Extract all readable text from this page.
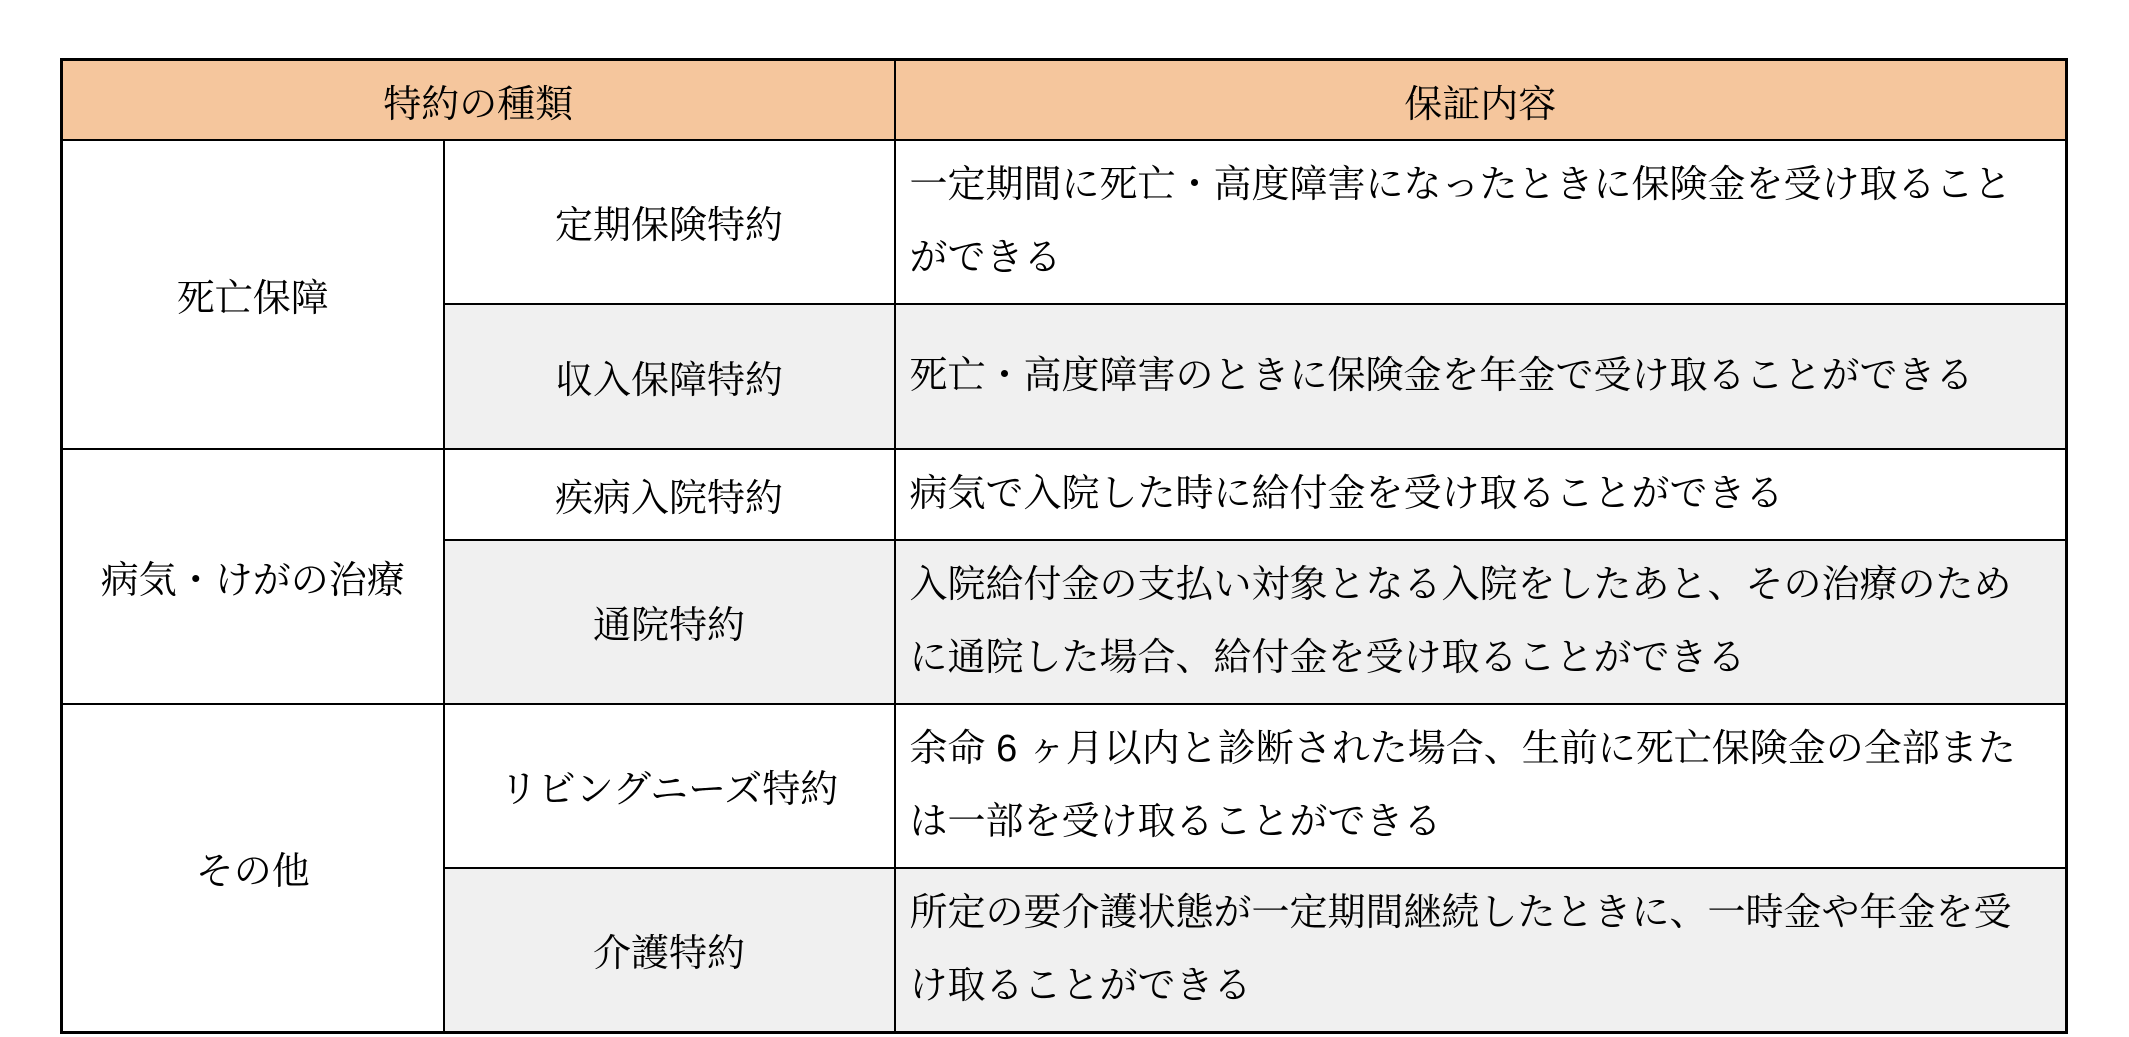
特約の種類		保証内容
死亡保障	定期保険特約	一定期間に死亡・高度障害になったときに保険金を受け取ることができる
	収入保障特約	死亡・高度障害のときに保険金を年金で受け取ることができる
病気・けがの治療	疾病入院特約	病気で入院した時に給付金を受け取ることができる
	通院特約	入院給付金の支払い対象となる入院をしたあと、その治療のために通院した場合、給付金を受け取ることができる
その他	リビングニーズ特約	余命 6 ヶ月以内と診断された場合、生前に死亡保険金の全部または一部を受け取ることができる
	介護特約	所定の要介護状態が一定期間継続したときに、一時金や年金を受け取ることができる
